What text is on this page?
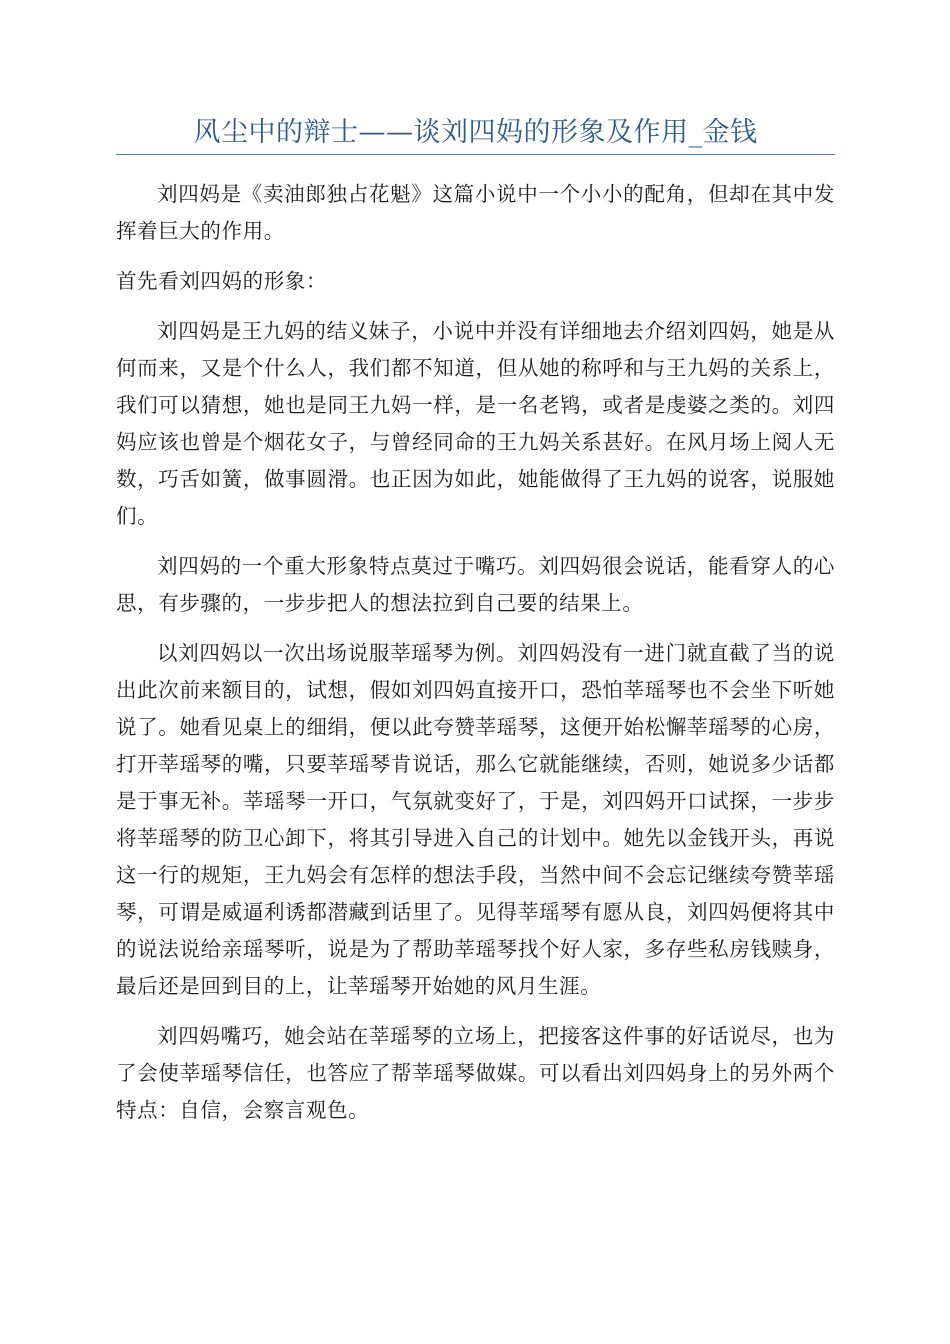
风尘中的辩士——谈刘四妈的形象及作用_金钱

刘四妈是《卖油郎独占花魁》这篇小说中一个小小的配角，但却在其中发挥着巨大的作用。

首先看刘四妈的形象：

刘四妈是王九妈的结义妹子，小说中并没有详细地去介绍刘四妈，她是从何而来，又是个什么人，我们都不知道，但从她的称呼和与王九妈的关系上，我们可以猜想，她也是同王九妈一样，是一名老鸨，或者是虔婆之类的。刘四妈应该也曾是个烟花女子，与曾经同命的王九妈关系甚好。在风月场上阅人无数，巧舌如簧，做事圆滑。也正因为如此，她能做得了王九妈的说客，说服她们。

刘四妈的一个重大形象特点莫过于嘴巧。刘四妈很会说话，能看穿人的心思，有步骤的，一步步把人的想法拉到自己要的结果上。

以刘四妈以一次出场说服莘瑶琴为例。刘四妈没有一进门就直截了当的说出此次前来额目的，试想，假如刘四妈直接开口，恐怕莘瑶琴也不会坐下听她说了。她看见桌上的细绢，便以此夸赞莘瑶琴，这便开始松懈莘瑶琴的心房，打开莘瑶琴的嘴，只要莘瑶琴肯说话，那么它就能继续，否则，她说多少话都是于事无补。莘瑶琴一开口，气氛就变好了，于是，刘四妈开口试探，一步步将莘瑶琴的防卫心卸下，将其引导进入自己的计划中。她先以金钱开头，再说这一行的规矩，王九妈会有怎样的想法手段，当然中间不会忘记继续夸赞莘瑶琴，可谓是威逼利诱都潜藏到话里了。见得莘瑶琴有愿从良，刘四妈便将其中的说法说给亲瑶琴听，说是为了帮助莘瑶琴找个好人家，多存些私房钱赎身，最后还是回到目的上，让莘瑶琴开始她的风月生涯。

刘四妈嘴巧，她会站在莘瑶琴的立场上，把接客这件事的好话说尽，也为了会使莘瑶琴信任，也答应了帮莘瑶琴做媒。可以看出刘四妈身上的另外两个特点：自信，会察言观色。
